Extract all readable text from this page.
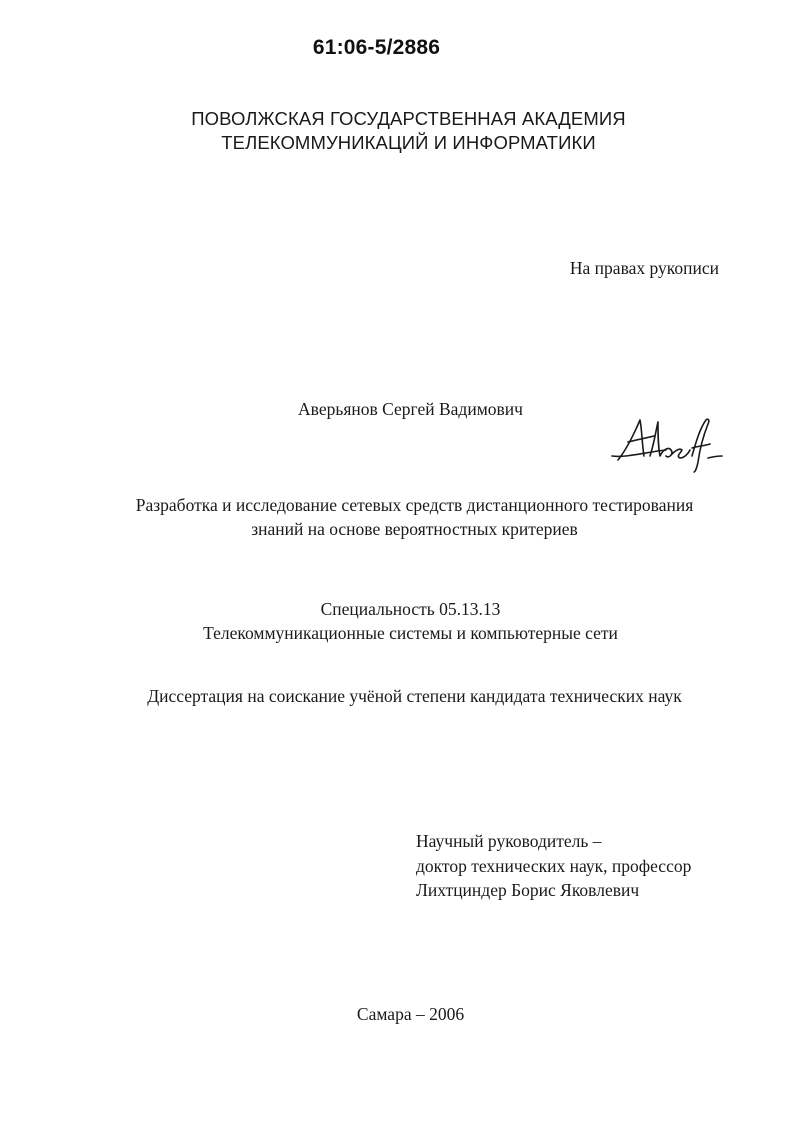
61:06-5/2886
ПОВОЛЖСКАЯ ГОСУДАРСТВЕННАЯ АКАДЕМИЯ
ТЕЛЕКОММУНИКАЦИЙ И ИНФОРМАТИКИ
На правах рукописи
Аверьянов Сергей Вадимович
Разработка и исследование сетевых средств дистанционного тестирования
знаний на основе вероятностных критериев
Специальность 05.13.13
Телекоммуникационные системы и компьютерные сети
Диссертация на соискание учёной степени кандидата технических наук
Научный руководитель –
доктор технических наук, профессор
Лихтциндер Борис Яковлевич
Самара – 2006
